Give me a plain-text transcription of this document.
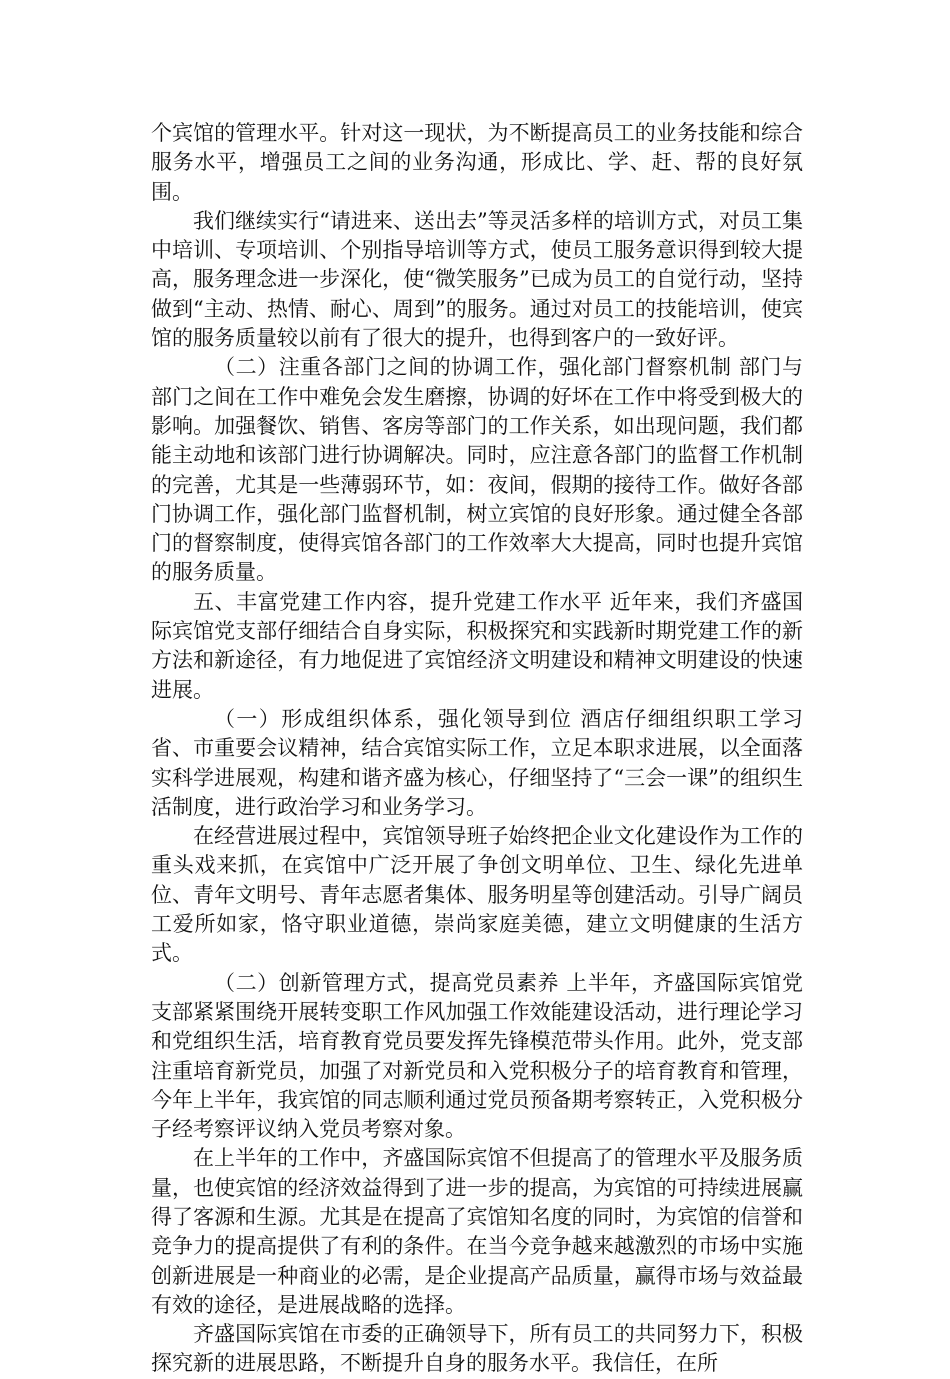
个宾馆的管理水平。针对这一现状，为不断提高员工的业务技能和综合服务水平，增强员工之间的业务沟通，形成比、学、赶、帮的良好氛围。

我们继续实行“请进来、送出去”等灵活多样的培训方式，对员工集中培训、专项培训、个别指导培训等方式，使员工服务意识得到较大提高，服务理念进一步深化，使“微笑服务”已成为员工的自觉行动，坚持做到“主动、热情、耐心、周到”的服务。通过对员工的技能培训，使宾馆的服务质量较以前有了很大的提升，也得到客户的一致好评。

（二）注重各部门之间的协调工作，强化部门督察机制 部门与部门之间在工作中难免会发生磨擦，协调的好坏在工作中将受到极大的影响。加强餐饮、销售、客房等部门的工作关系，如出现问题，我们都能主动地和该部门进行协调解决。同时，应注意各部门的监督工作机制的完善，尤其是一些薄弱环节，如：夜间，假期的接待工作。做好各部门协调工作，强化部门监督机制，树立宾馆的良好形象。通过健全各部门的督察制度，使得宾馆各部门的工作效率大大提高，同时也提升宾馆的服务质量。

五、丰富党建工作内容，提升党建工作水平 近年来，我们齐盛国际宾馆党支部仔细结合自身实际，积极探究和实践新时期党建工作的新方法和新途径，有力地促进了宾馆经济文明建设和精神文明建设的快速进展。

（一）形成组织体系，强化领导到位 酒店仔细组织职工学习省、市重要会议精神，结合宾馆实际工作，立足本职求进展，以全面落实科学进展观，构建和谐齐盛为核心，仔细坚持了“三会一课”的组织生活制度，进行政治学习和业务学习。

在经营进展过程中，宾馆领导班子始终把企业文化建设作为工作的重头戏来抓，在宾馆中广泛开展了争创文明单位、卫生、绿化先进单位、青年文明号、青年志愿者集体、服务明星等创建活动。引导广阔员工爱所如家，恪守职业道德，崇尚家庭美德，建立文明健康的生活方式。

（二）创新管理方式，提高党员素养 上半年，齐盛国际宾馆党支部紧紧围绕开展转变职工作风加强工作效能建设活动，进行理论学习和党组织生活，培育教育党员要发挥先锋模范带头作用。此外，党支部注重培育新党员，加强了对新党员和入党积极分子的培育教育和管理，今年上半年，我宾馆的同志顺利通过党员预备期考察转正，入党积极分子经考察评议纳入党员考察对象。

在上半年的工作中，齐盛国际宾馆不但提高了的管理水平及服务质量，也使宾馆的经济效益得到了进一步的提高，为宾馆的可持续进展赢得了客源和生源。尤其是在提高了宾馆知名度的同时，为宾馆的信誉和竞争力的提高提供了有利的条件。在当今竞争越来越激烈的市场中实施创新进展是一种商业的必需，是企业提高产品质量，赢得市场与效益最有效的途径，是进展战略的选择。

齐盛国际宾馆在市委的正确领导下，所有员工的共同努力下，积极探究新的进展思路，不断提升自身的服务水平。我信任，在所
